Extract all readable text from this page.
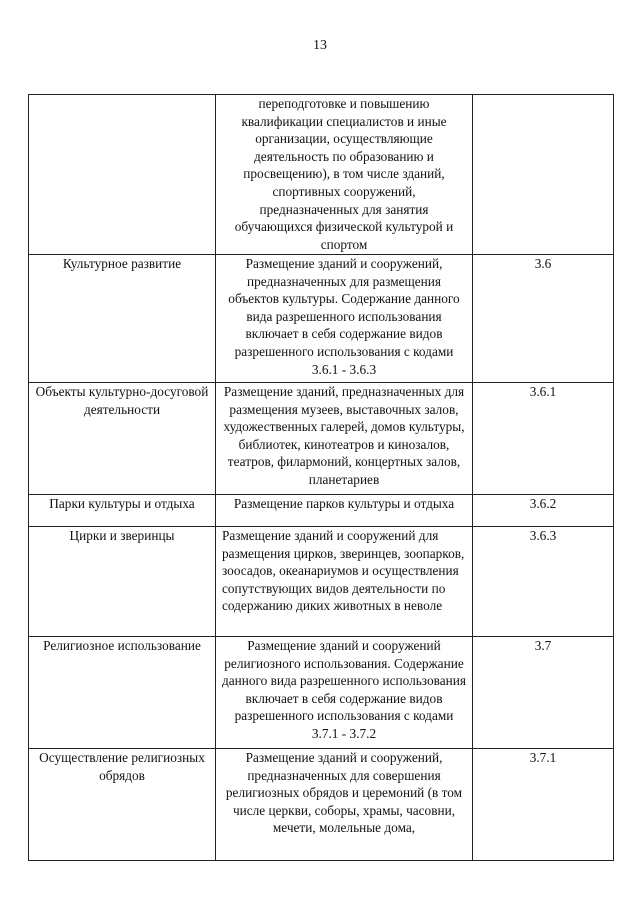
13
	переподготовке и повышению квалификации специалистов и иные организации, осуществляющие деятельность по образованию и просвещению), в том числе зданий, спортивных сооружений, предназначенных для занятия обучающихся физической культурой и спортом	
Культурное развитие	Размещение зданий и сооружений, предназначенных для размещения объектов культуры. Содержание данного вида разрешенного использования включает в себя содержание видов разрешенного использования с кодами 3.6.1 - 3.6.3	3.6
Объекты культурно-досуговой деятельности	Размещение зданий, предназначенных для размещения музеев, выставочных залов, художественных галерей, домов культуры, библиотек, кинотеатров и кинозалов, театров, филармоний, концертных залов, планетариев	3.6.1
Парки культуры и отдыха	Размещение парков культуры и отдыха	3.6.2
Цирки и зверинцы	Размещение зданий и сооружений для размещения цирков, зверинцев, зоопарков, зоосадов, океанариумов и осуществления сопутствующих видов деятельности по содержанию диких животных в неволе	3.6.3
Религиозное использование	Размещение зданий и сооружений религиозного использования. Содержание данного вида разрешенного использования включает в себя содержание видов разрешенного использования с кодами 3.7.1 - 3.7.2	3.7
Осуществление религиозных обрядов	Размещение зданий и сооружений, предназначенных для совершения религиозных обрядов и церемоний (в том числе церкви, соборы, храмы, часовни, мечети, молельные дома,	3.7.1
